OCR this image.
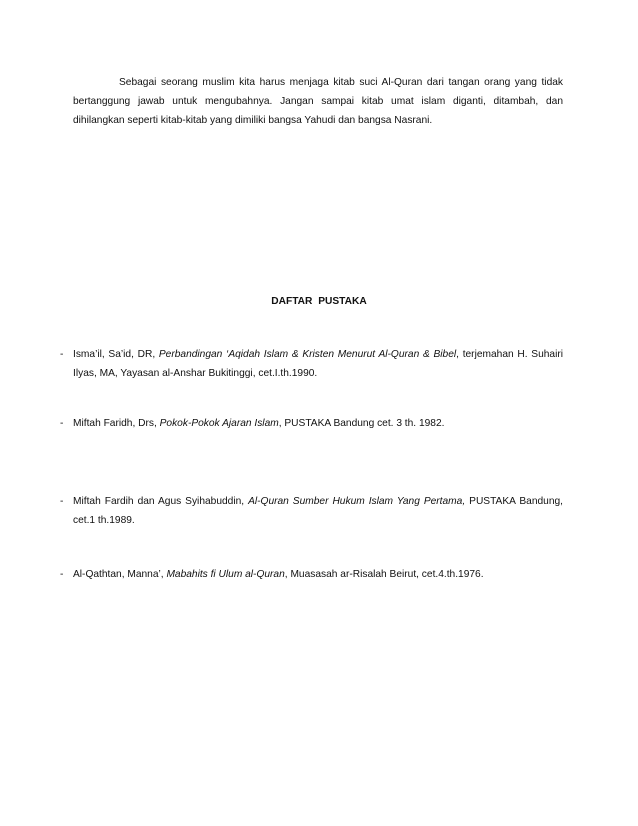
Sebagai seorang muslim kita harus menjaga kitab suci Al-Quran dari tangan orang yang tidak bertanggung jawab untuk mengubahnya. Jangan sampai kitab umat islam diganti, ditambah, dan dihilangkan seperti kitab-kitab yang dimiliki bangsa Yahudi dan bangsa Nasrani.
DAFTAR PUSTAKA
- Isma’il, Sa’id, DR, Perbandingan ‘Aqidah Islam & Kristen Menurut Al-Quran & Bibel, terjemahan H. Suhairi Ilyas, MA, Yayasan al-Anshar Bukitinggi, cet.I.th.1990.
- Miftah Faridh, Drs, Pokok-Pokok Ajaran Islam, PUSTAKA Bandung cet. 3 th. 1982.
- Miftah Fardih dan Agus Syihabuddin, Al-Quran Sumber Hukum Islam Yang Pertama, PUSTAKA Bandung, cet.1 th.1989.
- Al-Qathtan, Manna’, Mabahits fi Ulum al-Quran, Muasasah ar-Risalah Beirut, cet.4.th.1976.
